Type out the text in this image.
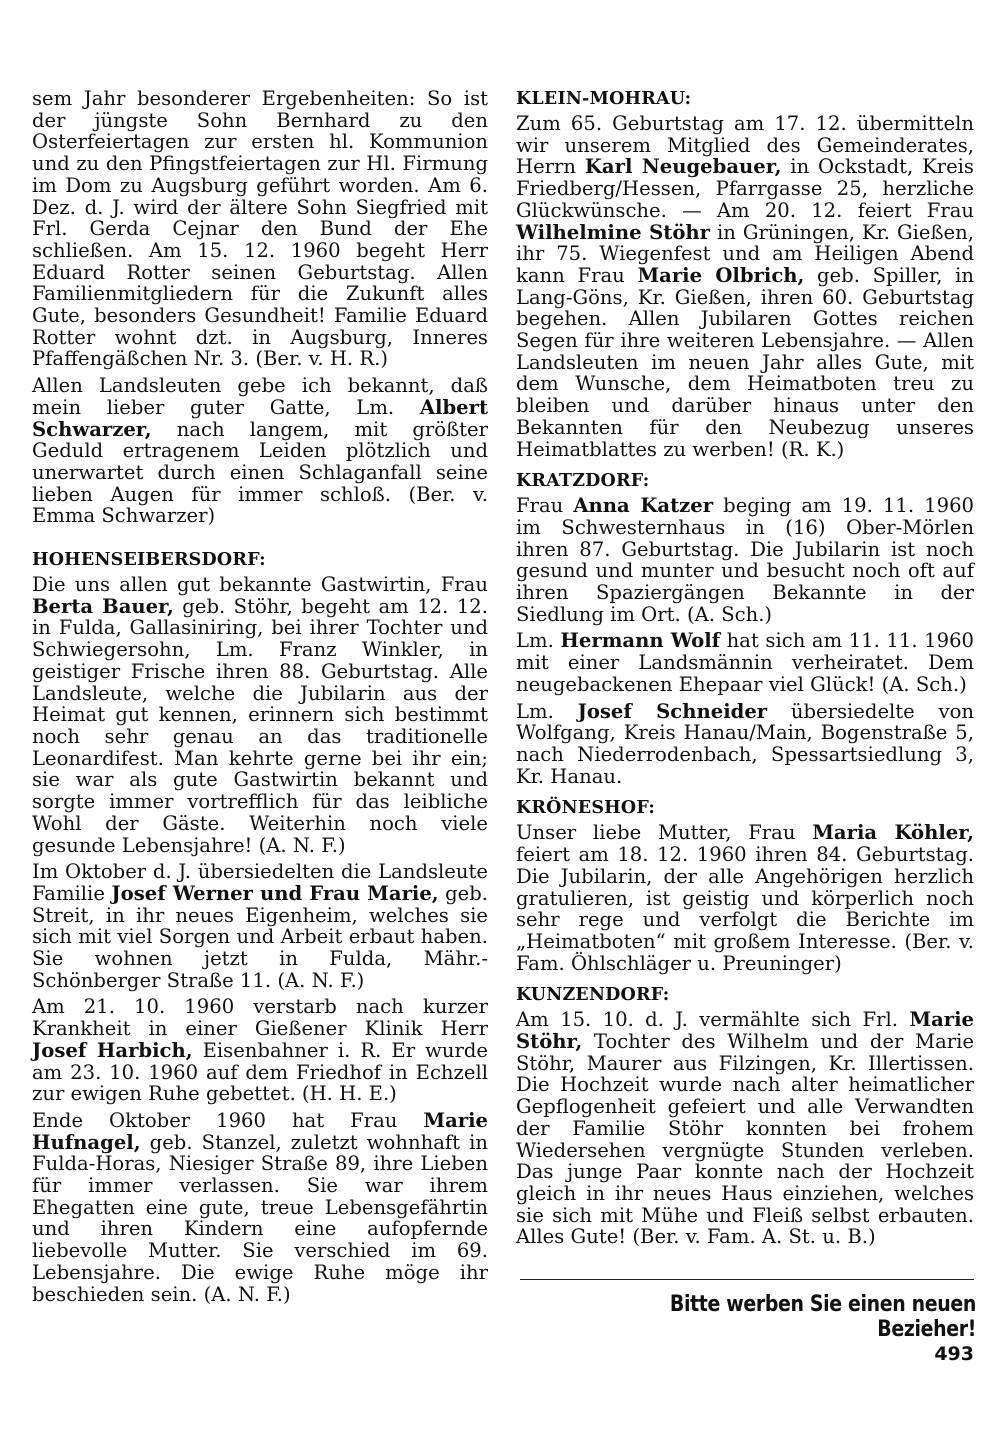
sem Jahr besonderer Ergebenheiten: So ist der jüngste Sohn Bernhard zu den Osterfeiertagen zur ersten hl. Kommunion und zu den Pfingstfeiertagen zur Hl. Firmung im Dom zu Augsburg geführt worden. Am 6. Dez. d. J. wird der ältere Sohn Siegfried mit Frl. Gerda Cejnar den Bund der Ehe schließen. Am 15. 12. 1960 begeht Herr Eduard Rotter seinen Geburtstag. Allen Familienmitgliedern für die Zukunft alles Gute, besonders Gesundheit! Familie Eduard Rotter wohnt dzt. in Augsburg, Inneres Pfaffengäßchen Nr. 3. (Ber. v. H. R.)

Allen Landsleuten gebe ich bekannt, daß mein lieber guter Gatte, Lm. Albert Schwarzer, nach langem, mit größter Geduld ertragenem Leiden plötzlich und unerwartet durch einen Schlaganfall seine lieben Augen für immer schloß. (Ber. v. Emma Schwarzer)

HOHENSEIBERSDORF:

Die uns allen gut bekannte Gastwirtin, Frau Berta Bauer, geb. Stöhr, begeht am 12. 12. in Fulda, Gallasiniring, bei ihrer Tochter und Schwiegersohn, Lm. Franz Winkler, in geistiger Frische ihren 88. Geburtstag. Alle Landsleute, welche die Jubilarin aus der Heimat gut kennen, erinnern sich bestimmt noch sehr genau an das traditionelle Leonardifest. Man kehrte gerne bei ihr ein; sie war als gute Gastwirtin bekannt und sorgte immer vortrefflich für das leibliche Wohl der Gäste. Weiterhin noch viele gesunde Lebensjahre! (A. N. F.)

Im Oktober d. J. übersiedelten die Landsleute Familie Josef Werner und Frau Marie, geb. Streit, in ihr neues Eigenheim, welches sie sich mit viel Sorgen und Arbeit erbaut haben. Sie wohnen jetzt in Fulda, Mähr.-Schönberger Straße 11. (A. N. F.)

Am 21. 10. 1960 verstarb nach kurzer Krankheit in einer Gießener Klinik Herr Josef Harbich, Eisenbahner i. R. Er wurde am 23. 10. 1960 auf dem Friedhof in Echzell zur ewigen Ruhe gebettet. (H. H. E.)

Ende Oktober 1960 hat Frau Marie Hufnagel, geb. Stanzel, zuletzt wohnhaft in Fulda-Horas, Niesiger Straße 89, ihre Lieben für immer verlassen. Sie war ihrem Ehegatten eine gute, treue Lebensgefährtin und ihren Kindern eine aufopfernde liebevolle Mutter. Sie verschied im 69. Lebensjahre. Die ewige Ruhe möge ihr beschieden sein. (A. N. F.)

KLEIN-MOHRAU:

Zum 65. Geburtstag am 17. 12. übermitteln wir unserem Mitglied des Gemeinderates, Herrn Karl Neugebauer, in Ockstadt, Kreis Friedberg/Hessen, Pfarrgasse 25, herzliche Glückwünsche. — Am 20. 12. feiert Frau Wilhelmine Stöhr in Grüningen, Kr. Gießen, ihr 75. Wiegenfest und am Heiligen Abend kann Frau Marie Olbrich, geb. Spiller, in Lang-Göns, Kr. Gießen, ihren 60. Geburtstag begehen. Allen Jubilaren Gottes reichen Segen für ihre weiteren Lebensjahre. — Allen Landsleuten im neuen Jahr alles Gute, mit dem Wunsche, dem Heimatboten treu zu bleiben und darüber hinaus unter den Bekannten für den Neubezug unseres Heimatblattes zu werben! (R. K.)

KRATZDORF:

Frau Anna Katzer beging am 19. 11. 1960 im Schwesternhaus in (16) Ober-Mörlen ihren 87. Geburtstag. Die Jubilarin ist noch gesund und munter und besucht noch oft auf ihren Spaziergängen Bekannte in der Siedlung im Ort. (A. Sch.)

Lm. Hermann Wolf hat sich am 11. 11. 1960 mit einer Landsmännin verheiratet. Dem neugebackenen Ehepaar viel Glück! (A. Sch.)

Lm. Josef Schneider übersiedelte von Wolfgang, Kreis Hanau/Main, Bogenstraße 5, nach Niederrodenbach, Spessartsiedlung 3, Kr. Hanau.

KRÖNESHOF:

Unser liebe Mutter, Frau Maria Köhler, feiert am 18. 12. 1960 ihren 84. Geburtstag. Die Jubilarin, der alle Angehörigen herzlich gratulieren, ist geistig und körperlich noch sehr rege und verfolgt die Berichte im „Heimatboten“ mit großem Interesse. (Ber. v. Fam. Öhlschläger u. Preuninger)

KUNZENDORF:

Am 15. 10. d. J. vermählte sich Frl. Marie Stöhr, Tochter des Wilhelm und der Marie Stöhr, Maurer aus Filzingen, Kr. Illertissen. Die Hochzeit wurde nach alter heimatlicher Gepflogenheit gefeiert und alle Verwandten der Familie Stöhr konnten bei frohem Wiedersehen vergnügte Stunden verleben. Das junge Paar konnte nach der Hochzeit gleich in ihr neues Haus einziehen, welches sie sich mit Mühe und Fleiß selbst erbauten. Alles Gute! (Ber. v. Fam. A. St. u. B.)

Bitte werben Sie einen neuen Bezieher!
493
